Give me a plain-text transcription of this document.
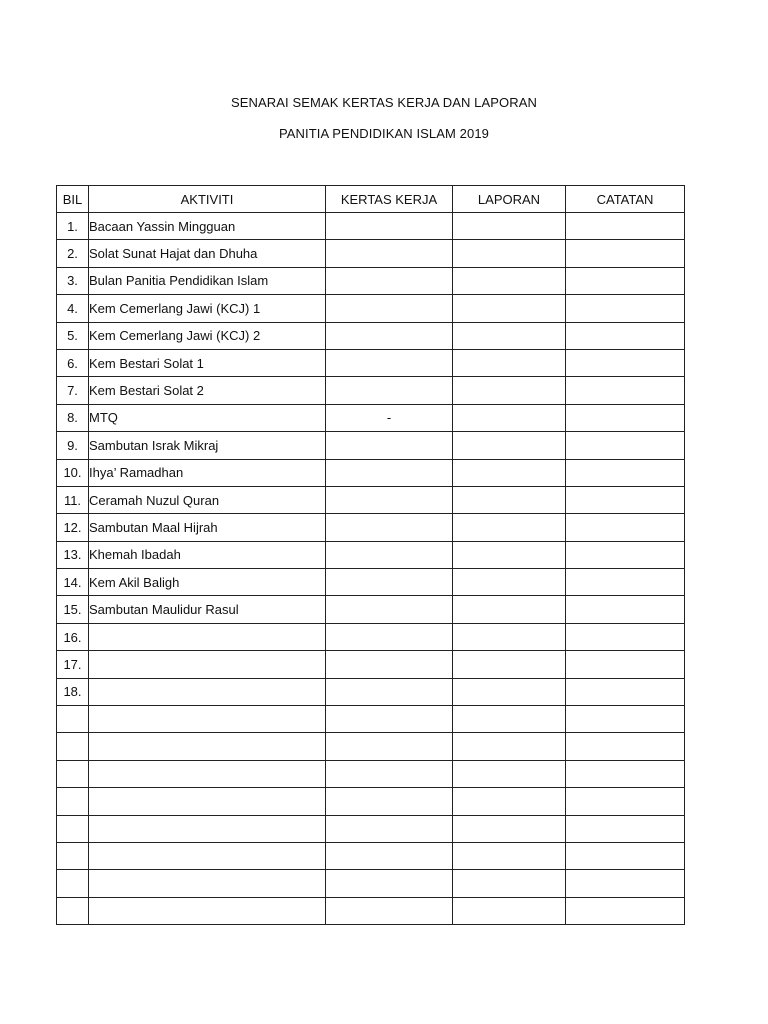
SENARAI SEMAK KERTAS KERJA DAN LAPORAN
PANITIA PENDIDIKAN ISLAM 2019
BIL	AKTIVITI	KERTAS KERJA	LAPORAN	CATATAN
1.	Bacaan Yassin Mingguan			
2.	Solat Sunat Hajat dan Dhuha			
3.	Bulan Panitia Pendidikan Islam			
4.	Kem Cemerlang Jawi (KCJ) 1			
5.	Kem Cemerlang Jawi (KCJ) 2			
6.	Kem Bestari Solat 1			
7.	Kem Bestari Solat 2			
8.	MTQ	-		
9.	Sambutan Israk Mikraj			
10.	Ihya’ Ramadhan			
11.	Ceramah Nuzul Quran			
12.	Sambutan Maal Hijrah			
13.	Khemah Ibadah			
14.	Kem Akil Baligh			
15.	Sambutan Maulidur Rasul			
16.				
17.				
18.				
